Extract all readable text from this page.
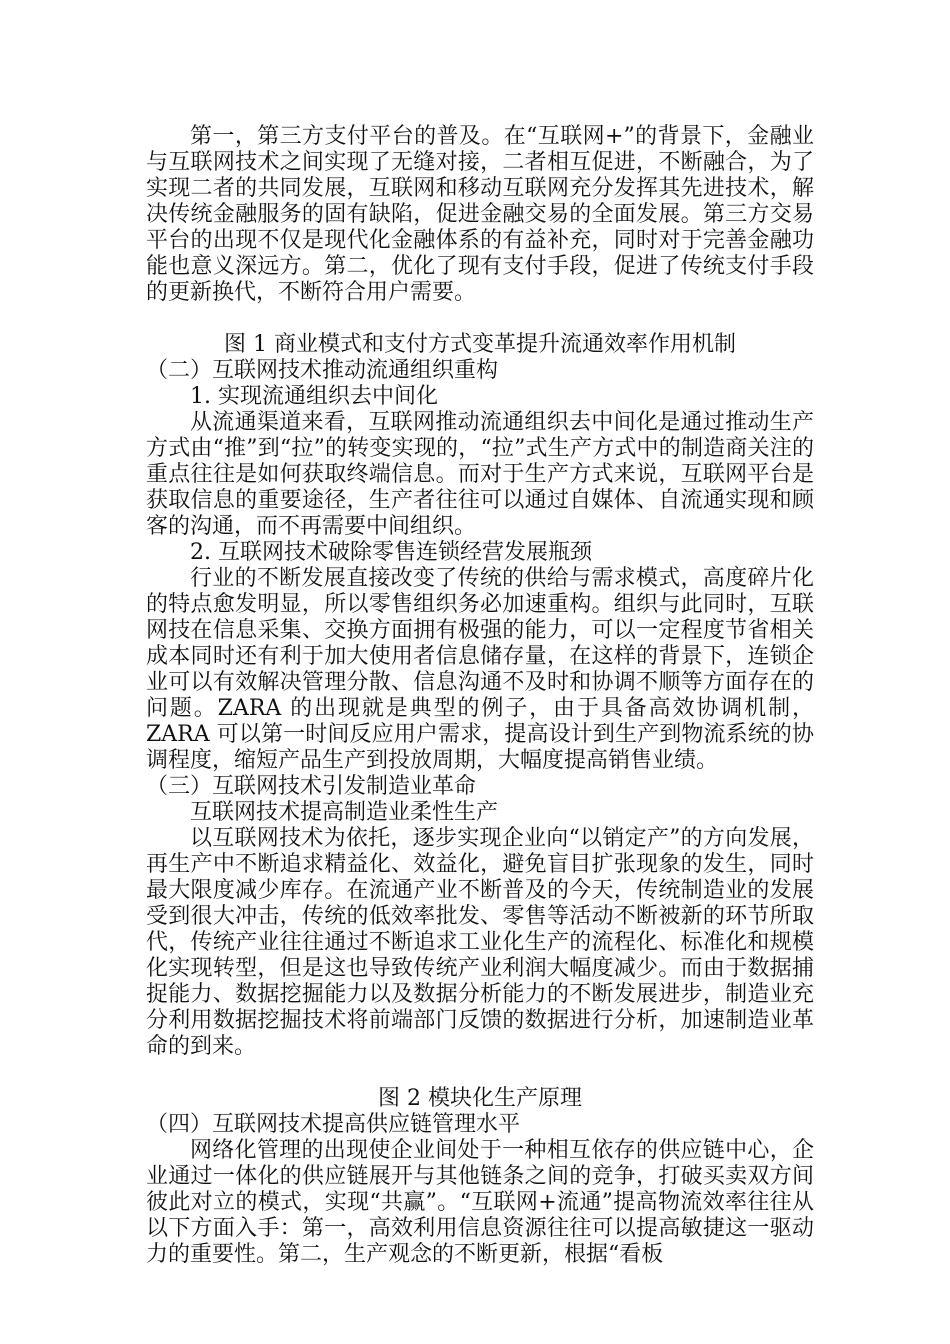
第一，第三方支付平台的普及。在“互联网+”的背景下，金融业与互联网技术之间实现了无缝对接，二者相互促进，不断融合，为了实现二者的共同发展，互联网和移动互联网充分发挥其先进技术，解决传统金融服务的固有缺陷，促进金融交易的全面发展。第三方交易平台的出现不仅是现代化金融体系的有益补充，同时对于完善金融功能也意义深远方。第二，优化了现有支付手段，促进了传统支付手段的更新换代，不断符合用户需要。

图 1 商业模式和支付方式变革提升流通效率作用机制

（二）互联网技术推动流通组织重构

1. 实现流通组织去中间化

从流通渠道来看，互联网推动流通组织去中间化是通过推动生产方式由“推”到“拉”的转变实现的，“拉”式生产方式中的制造商关注的重点往往是如何获取终端信息。而对于生产方式来说，互联网平台是获取信息的重要途径，生产者往往可以通过自媒体、自流通实现和顾客的沟通，而不再需要中间组织。

2. 互联网技术破除零售连锁经营发展瓶颈

行业的不断发展直接改变了传统的供给与需求模式，高度碎片化的特点愈发明显，所以零售组织务必加速重构。组织与此同时，互联网技在信息采集、交换方面拥有极强的能力，可以一定程度节省相关成本同时还有利于加大使用者信息储存量，在这样的背景下，连锁企业可以有效解决管理分散、信息沟通不及时和协调不顺等方面存在的问题。ZARA 的出现就是典型的例子，由于具备高效协调机制，ZARA 可以第一时间反应用户需求，提高设计到生产到物流系统的协调程度，缩短产品生产到投放周期，大幅度提高销售业绩。

（三）互联网技术引发制造业革命

互联网技术提高制造业柔性生产

以互联网技术为依托，逐步实现企业向“以销定产”的方向发展，再生产中不断追求精益化、效益化，避免盲目扩张现象的发生，同时最大限度减少库存。在流通产业不断普及的今天，传统制造业的发展受到很大冲击，传统的低效率批发、零售等活动不断被新的环节所取代，传统产业往往通过不断追求工业化生产的流程化、标准化和规模化实现转型，但是这也导致传统产业利润大幅度减少。而由于数据捕捉能力、数据挖掘能力以及数据分析能力的不断发展进步，制造业充分利用数据挖掘技术将前端部门反馈的数据进行分析，加速制造业革命的到来。

图 2 模块化生产原理

（四）互联网技术提高供应链管理水平

网络化管理的出现使企业间处于一种相互依存的供应链中心，企业通过一体化的供应链展开与其他链条之间的竞争，打破买卖双方间彼此对立的模式，实现“共赢”。“互联网+流通”提高物流效率往往从以下方面入手：第一，高效利用信息资源往往可以提高敏捷这一驱动力的重要性。第二，生产观念的不断更新，根据“看板
